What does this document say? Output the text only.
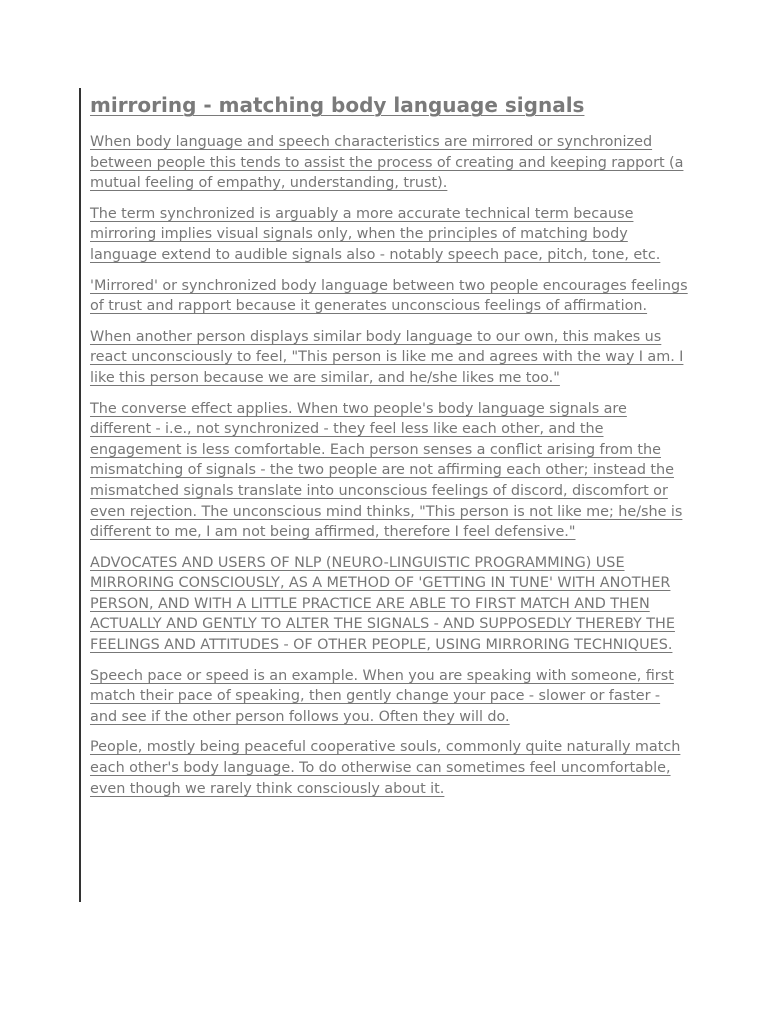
mirroring - matching body language signals

When body language and speech characteristics are mirrored or synchronized between people this tends to assist the process of creating and keeping rapport (a mutual feeling of empathy, understanding, trust).

The term synchronized is arguably a more accurate technical term because mirroring implies visual signals only, when the principles of matching body language extend to audible signals also - notably speech pace, pitch, tone, etc.

'Mirrored' or synchronized body language between two people encourages feelings of trust and rapport because it generates unconscious feelings of affirmation.

When another person displays similar body language to our own, this makes us react unconsciously to feel, "This person is like me and agrees with the way I am. I like this person because we are similar, and he/she likes me too."

The converse effect applies. When two people's body language signals are different - i.e., not synchronized - they feel less like each other, and the engagement is less comfortable. Each person senses a conflict arising from the mismatching of signals - the two people are not affirming each other; instead the mismatched signals translate into unconscious feelings of discord, discomfort or even rejection. The unconscious mind thinks, "This person is not like me; he/she is different to me, I am not being affirmed, therefore I feel defensive."

ADVOCATES AND USERS OF NLP (NEURO-LINGUISTIC PROGRAMMING) USE MIRRORING CONSCIOUSLY, AS A METHOD OF 'GETTING IN TUNE' WITH ANOTHER PERSON, AND WITH A LITTLE PRACTICE ARE ABLE TO FIRST MATCH AND THEN ACTUALLY AND GENTLY TO ALTER THE SIGNALS - AND SUPPOSEDLY THEREBY THE FEELINGS AND ATTITUDES - OF OTHER PEOPLE, USING MIRRORING TECHNIQUES.

Speech pace or speed is an example. When you are speaking with someone, first match their pace of speaking, then gently change your pace - slower or faster - and see if the other person follows you. Often they will do.

People, mostly being peaceful cooperative souls, commonly quite naturally match each other's body language. To do otherwise can sometimes feel uncomfortable, even though we rarely think consciously about it.
